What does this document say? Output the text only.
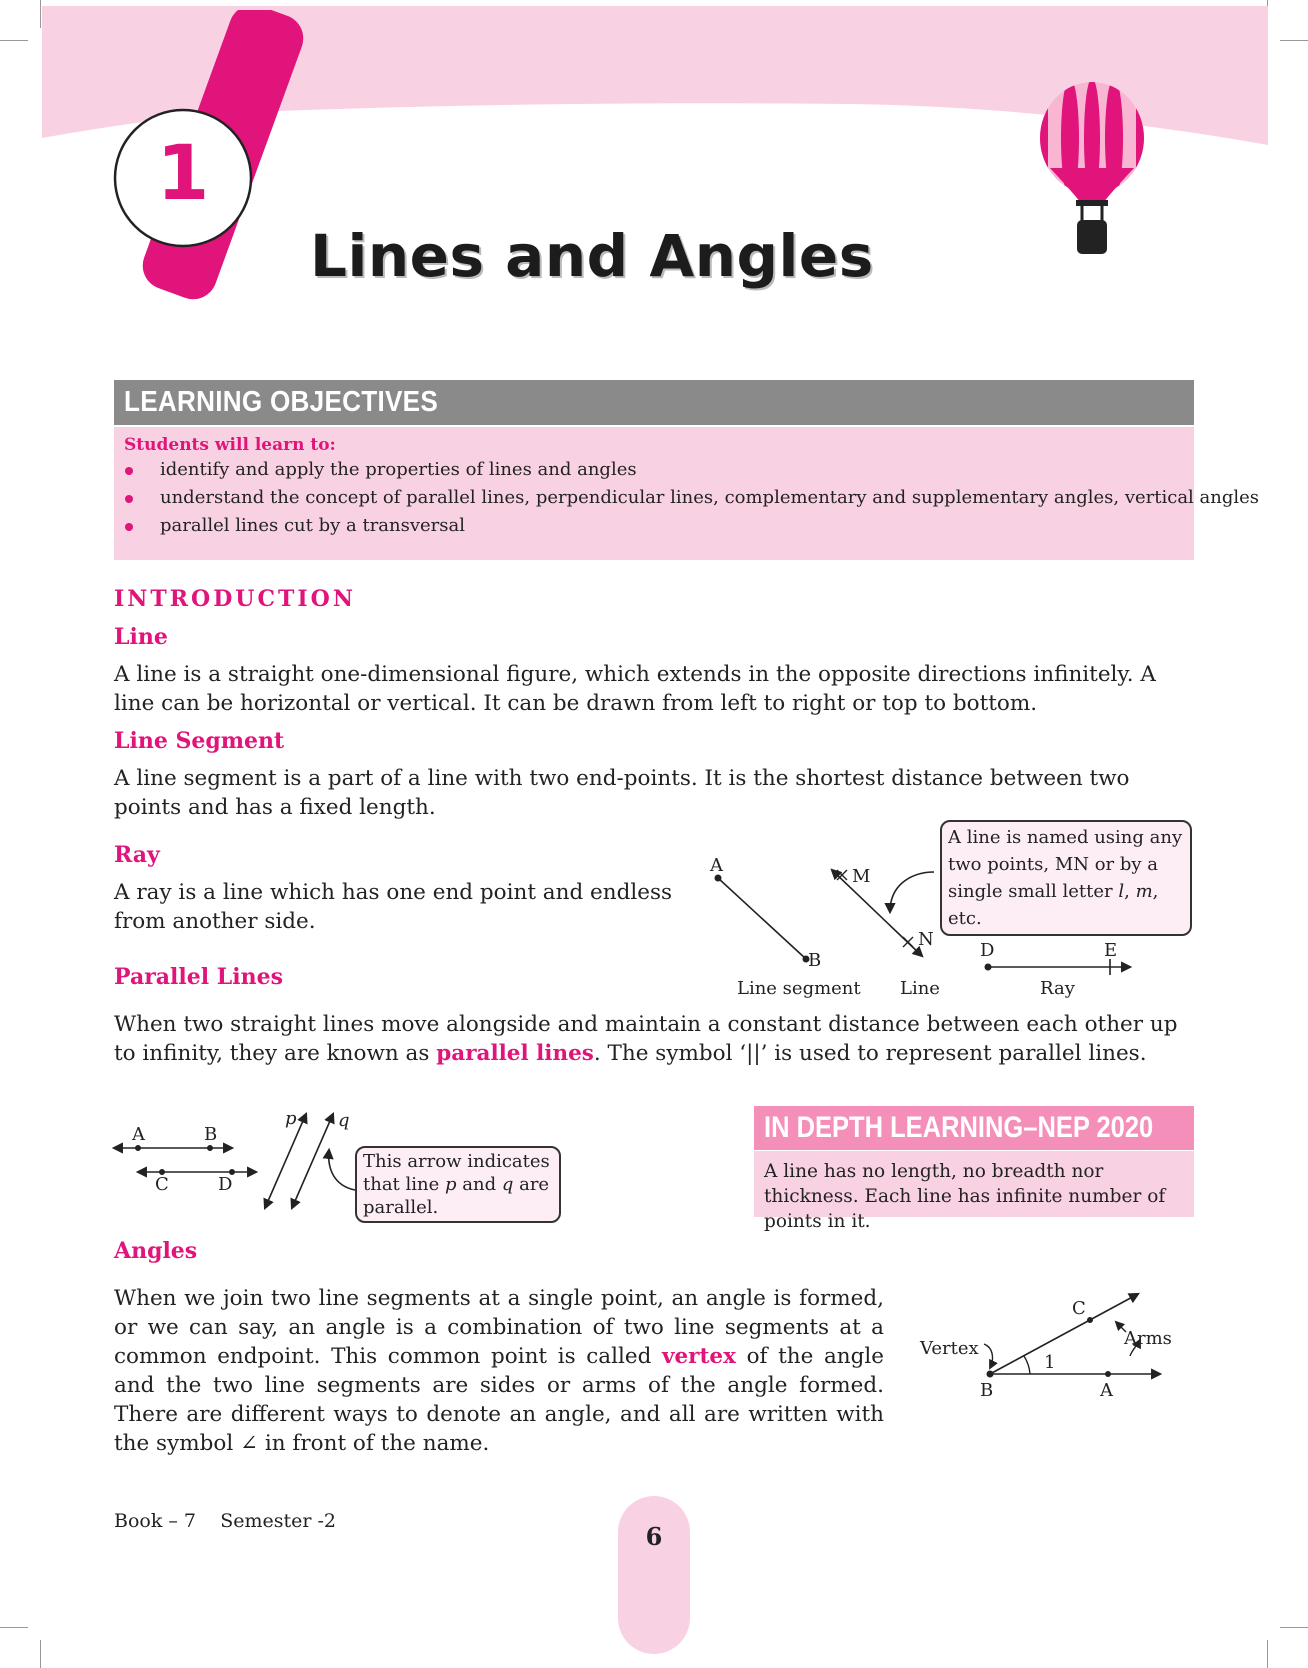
1
Lines and Angles
LEARNING OBJECTIVES
Students will learn to:
identify and apply the properties of lines and angles
understand the concept of parallel lines, perpendicular lines, complementary and supplementary angles, vertical angles
parallel lines cut by a transversal
INTRODUCTION
Line
A line is a straight one-dimensional figure, which extends in the opposite directions infinitely. A line can be horizontal or vertical. It can be drawn from left to right or top to bottom.
Line Segment
A line segment is a part of a line with two end-points. It is the shortest distance between two points and has a fixed length.
Ray
A ray is a line which has one end point and endless from another side.
Parallel Lines
When two straight lines move alongside and maintain a constant distance between each other up to infinity, they are known as parallel lines. The symbol ‘||’ is used to represent parallel lines.
A line is named using any two points, MN or by a single small letter l, m, etc.
A
B
M
N
D	E
Line segment Line	Ray
A	B
C	D
p q
This arrow indicates that line p and q are parallel.
IN DEPTH LEARNING–NEP 2020
A line has no length, no breadth nor thickness. Each line has infinite number of points in it.
Angles
When we join two line segments at a single point, an angle is formed, or we can say, an angle is a combination of two line segments at a common endpoint. This common point is called vertex of the angle and the two line segments are sides or arms of the angle formed. There are different ways to denote an angle, and all are written with the symbol ∠ in front of the name.
Vertex	Arms
C
B	A
1
Book – 7 Semester -2
6
